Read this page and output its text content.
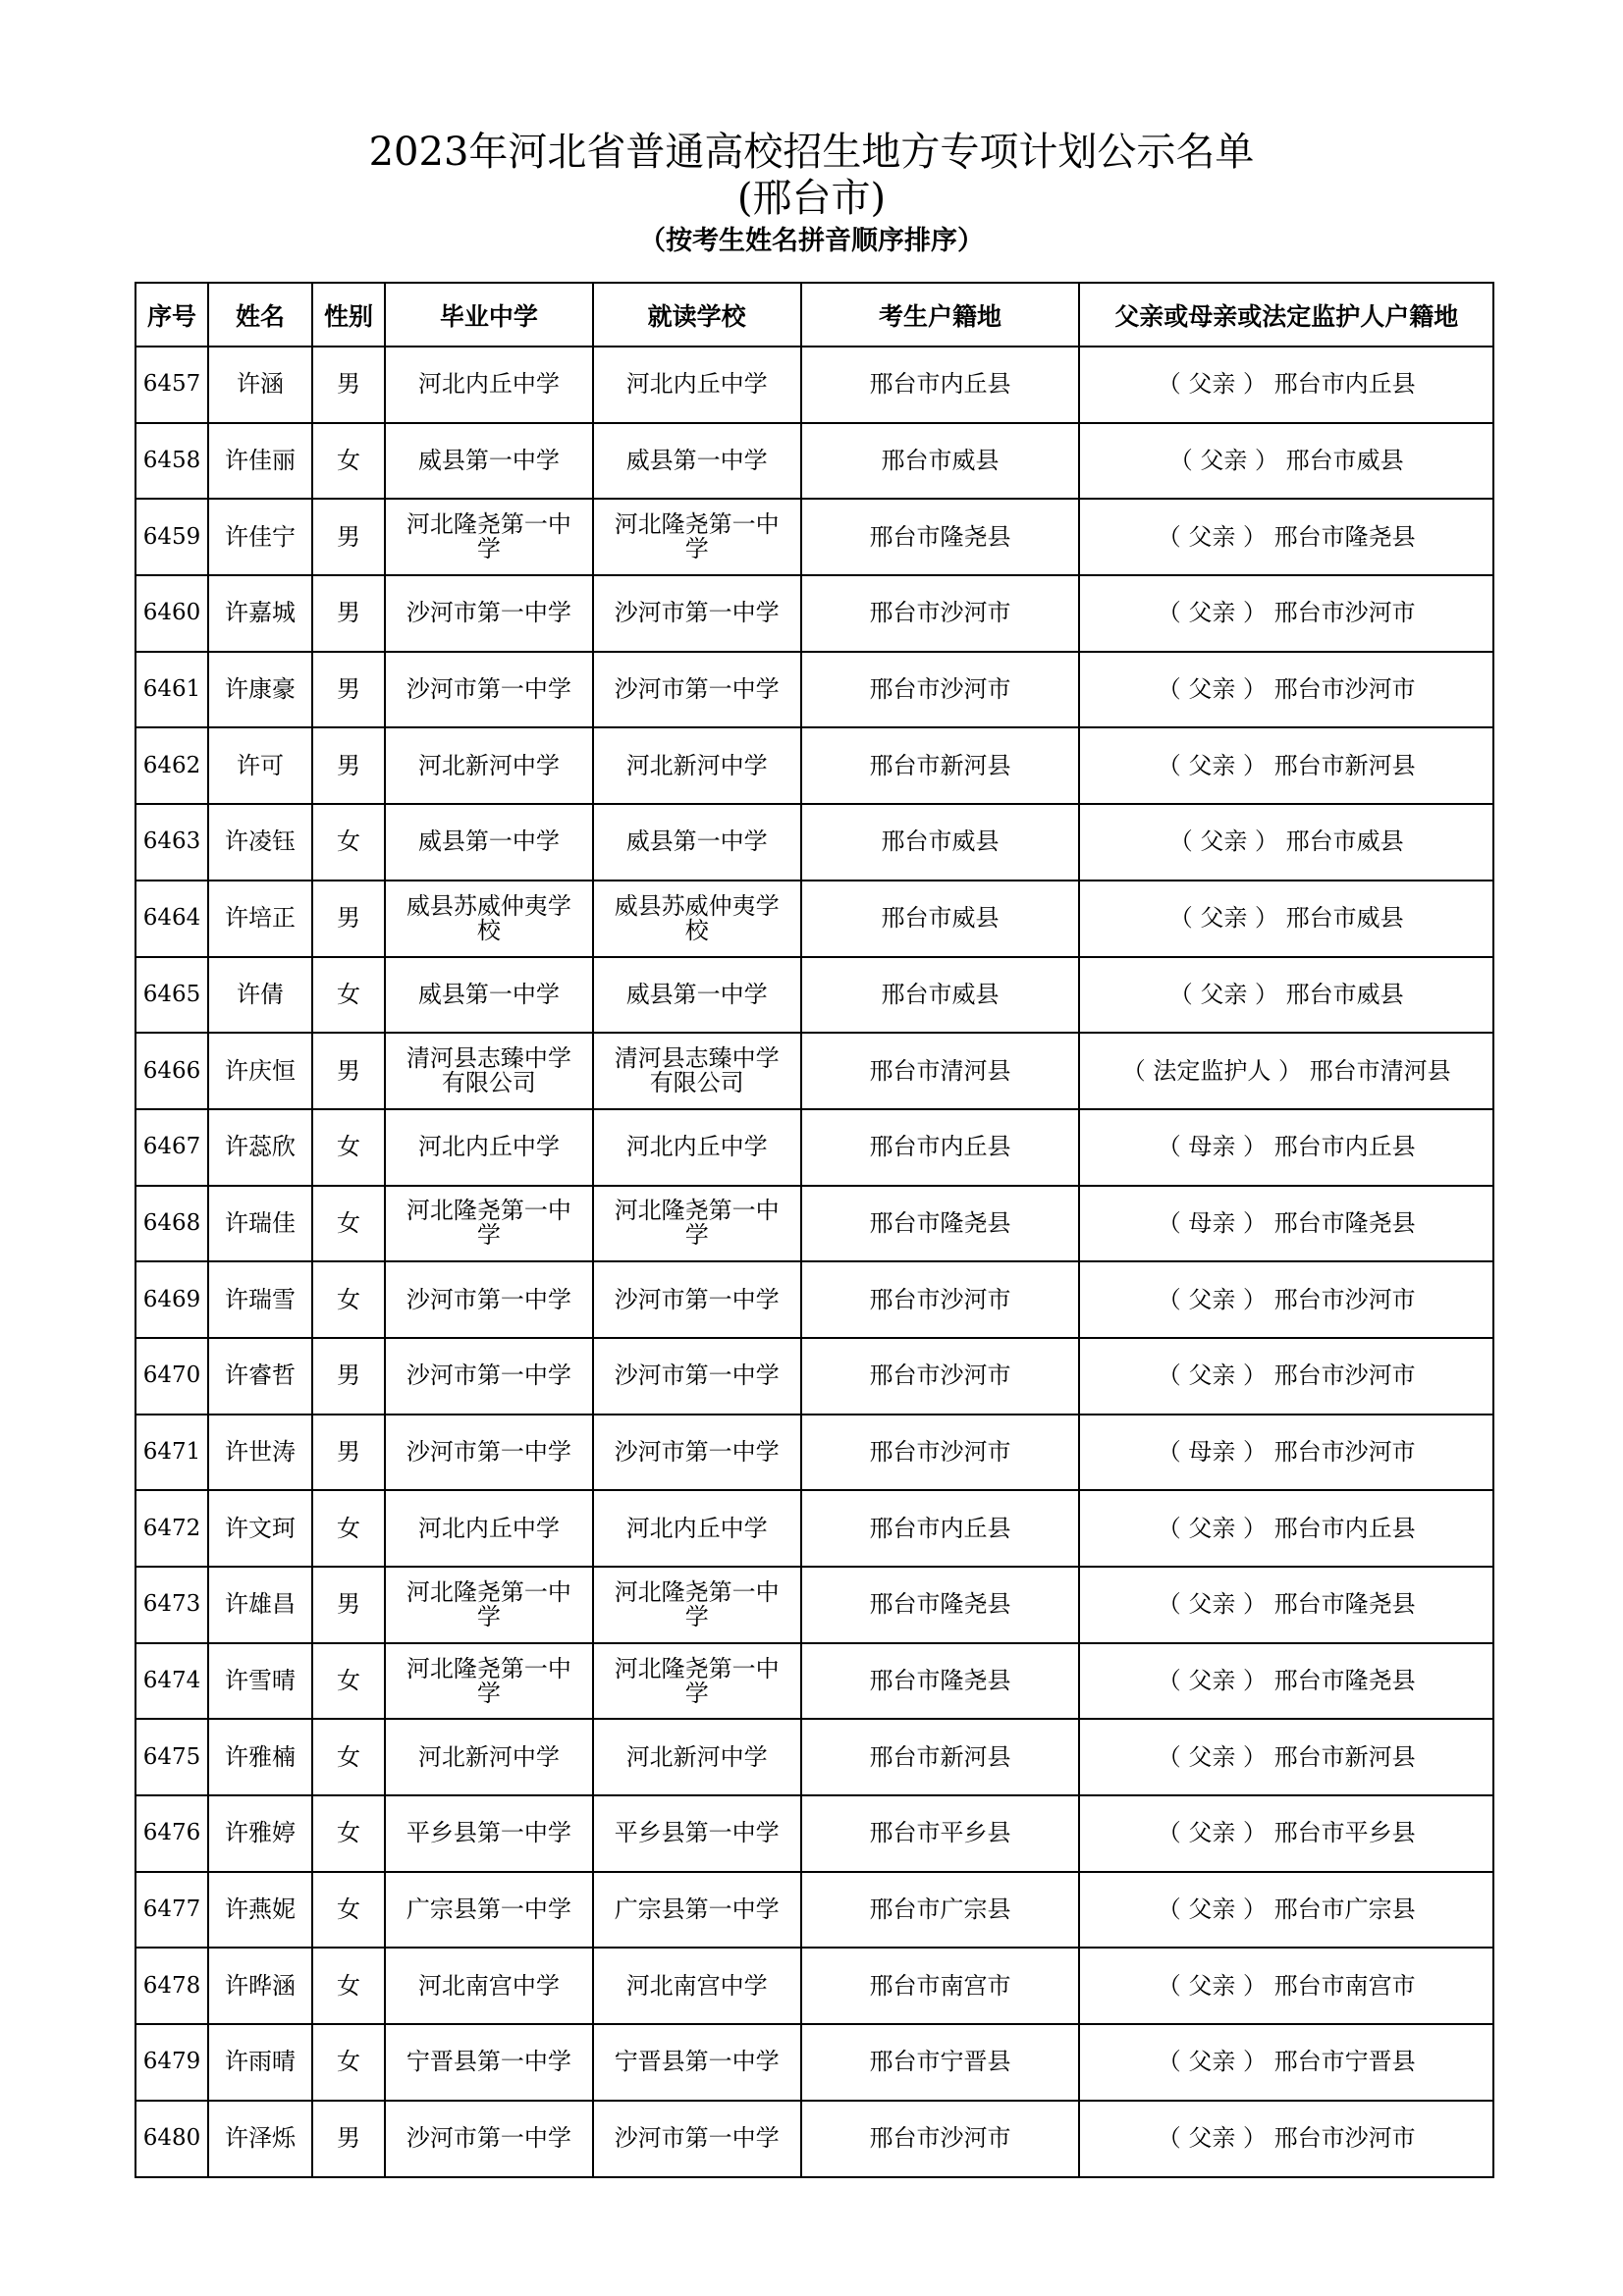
2023年河北省普通高校招生地方专项计划公示名单
(邢台市)
（按考生姓名拼音顺序排序）
序号	姓名	性别	毕业中学	就读学校	考生户籍地	父亲或母亲或法定监护人户籍地
6457	许涵	男	河北内丘中学	河北内丘中学	邢台市内丘县	（ 父亲 ） 邢台市内丘县
6458	许佳丽	女	威县第一中学	威县第一中学	邢台市威县	（ 父亲 ） 邢台市威县
6459	许佳宁	男	河北隆尧第一中学	河北隆尧第一中学	邢台市隆尧县	（ 父亲 ） 邢台市隆尧县
6460	许嘉城	男	沙河市第一中学	沙河市第一中学	邢台市沙河市	（ 父亲 ） 邢台市沙河市
6461	许康豪	男	沙河市第一中学	沙河市第一中学	邢台市沙河市	（ 父亲 ） 邢台市沙河市
6462	许可	男	河北新河中学	河北新河中学	邢台市新河县	（ 父亲 ） 邢台市新河县
6463	许凌钰	女	威县第一中学	威县第一中学	邢台市威县	（ 父亲 ） 邢台市威县
6464	许培正	男	威县苏威仲夷学校	威县苏威仲夷学校	邢台市威县	（ 父亲 ） 邢台市威县
6465	许倩	女	威县第一中学	威县第一中学	邢台市威县	（ 父亲 ） 邢台市威县
6466	许庆恒	男	清河县志臻中学有限公司	清河县志臻中学有限公司	邢台市清河县	（ 法定监护人 ） 邢台市清河县
6467	许蕊欣	女	河北内丘中学	河北内丘中学	邢台市内丘县	（ 母亲 ） 邢台市内丘县
6468	许瑞佳	女	河北隆尧第一中学	河北隆尧第一中学	邢台市隆尧县	（ 母亲 ） 邢台市隆尧县
6469	许瑞雪	女	沙河市第一中学	沙河市第一中学	邢台市沙河市	（ 父亲 ） 邢台市沙河市
6470	许睿哲	男	沙河市第一中学	沙河市第一中学	邢台市沙河市	（ 父亲 ） 邢台市沙河市
6471	许世涛	男	沙河市第一中学	沙河市第一中学	邢台市沙河市	（ 母亲 ） 邢台市沙河市
6472	许文珂	女	河北内丘中学	河北内丘中学	邢台市内丘县	（ 父亲 ） 邢台市内丘县
6473	许雄昌	男	河北隆尧第一中学	河北隆尧第一中学	邢台市隆尧县	（ 父亲 ） 邢台市隆尧县
6474	许雪晴	女	河北隆尧第一中学	河北隆尧第一中学	邢台市隆尧县	（ 父亲 ） 邢台市隆尧县
6475	许雅楠	女	河北新河中学	河北新河中学	邢台市新河县	（ 父亲 ） 邢台市新河县
6476	许雅婷	女	平乡县第一中学	平乡县第一中学	邢台市平乡县	（ 父亲 ） 邢台市平乡县
6477	许燕妮	女	广宗县第一中学	广宗县第一中学	邢台市广宗县	（ 父亲 ） 邢台市广宗县
6478	许晔涵	女	河北南宫中学	河北南宫中学	邢台市南宫市	（ 父亲 ） 邢台市南宫市
6479	许雨晴	女	宁晋县第一中学	宁晋县第一中学	邢台市宁晋县	（ 父亲 ） 邢台市宁晋县
6480	许泽烁	男	沙河市第一中学	沙河市第一中学	邢台市沙河市	（ 父亲 ） 邢台市沙河市
